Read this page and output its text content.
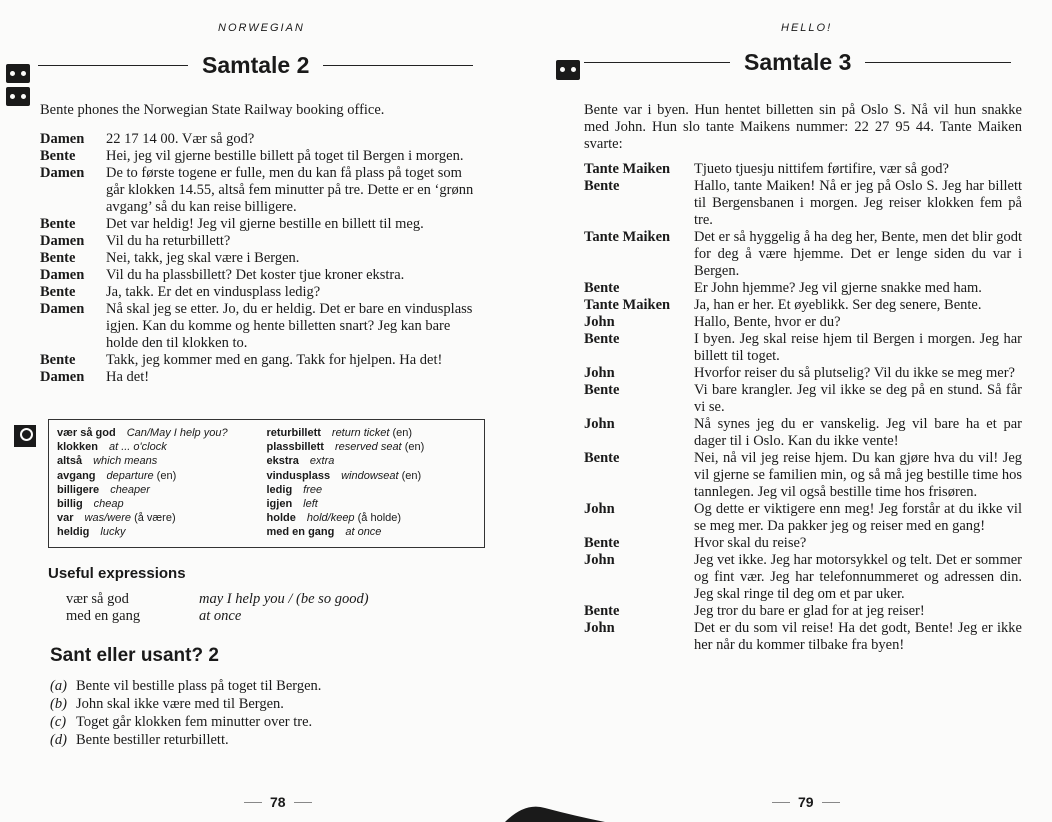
NORWEGIAN
Samtale 2
Bente phones the Norwegian State Railway booking office.
Damen	22 17 14 00. Vær så god?
Bente	Hei, jeg vil gjerne bestille billett på toget til Bergen i morgen.
Damen	De to første togene er fulle, men du kan få plass på toget som går klokken 14.55, altså fem minutter på tre. Dette er en ‘grønn avgang’ så du kan reise billigere.
Bente	Det var heldig! Jeg vil gjerne bestille en billett til meg.
Damen	Vil du ha returbillett?
Bente	Nei, takk, jeg skal være i Bergen.
Damen	Vil du ha plassbillett? Det koster tjue kroner ekstra.
Bente	Ja, takk. Er det en vindusplass ledig?
Damen	Nå skal jeg se etter. Jo, du er heldig. Det er bare en vindusplass igjen. Kan du komme og hente billetten snart? Jeg kan bare holde den til klokken to.
Bente	Takk, jeg kommer med en gang. Takk for hjelpen. Ha det!
Damen	Ha det!
vær så god  Can/May I help you?
klokken  at ... o'clock
altså  which means
avgang  departure (en)
billigere  cheaper
billig  cheap
var  was/were (å være)
heldig  lucky
returbillett  return ticket (en)
plassbillett  reserved seat (en)
ekstra  extra
vindusplass  windowseat (en)
ledig  free
igjen  left
holde  hold/keep (å holde)
med en gang  at once
Useful expressions
vær så god	may I help you / (be so good)
med en gang	at once
Sant eller usant? 2
(a) Bente vil bestille plass på toget til Bergen.
(b) John skal ikke være med til Bergen.
(c) Toget går klokken fem minutter over tre.
(d) Bente bestiller returbillett.
78
HELLO!
Samtale 3
Bente var i byen. Hun hentet billetten sin på Oslo S. Nå vil hun snakke med John. Hun slo tante Maikens nummer: 22 27 95 44. Tante Maiken svarte:
Tante Maiken	Tjueto tjuesju nittifem førtifire, vær så god?
Bente	Hallo, tante Maiken! Nå er jeg på Oslo S. Jeg har billett til Bergensbanen i morgen. Jeg reiser klokken fem på tre.
Tante Maiken	Det er så hyggelig å ha deg her, Bente, men det blir godt for deg å være hjemme. Det er lenge siden du var i Bergen.
Bente	Er John hjemme? Jeg vil gjerne snakke med ham.
Tante Maiken	Ja, han er her. Et øyeblikk. Ser deg senere, Bente.
John	Hallo, Bente, hvor er du?
Bente	I byen. Jeg skal reise hjem til Bergen i morgen. Jeg har billett til toget.
John	Hvorfor reiser du så plutselig? Vil du ikke se meg mer?
Bente	Vi bare krangler. Jeg vil ikke se deg på en stund. Så får vi se.
John	Nå synes jeg du er vanskelig. Jeg vil bare ha et par dager til i Oslo. Kan du ikke vente!
Bente	Nei, nå vil jeg reise hjem. Du kan gjøre hva du vil! Jeg vil gjerne se familien min, og så må jeg bestille time hos tannlegen. Jeg vil også bestille time hos frisøren.
John	Og dette er viktigere enn meg! Jeg forstår at du ikke vil se meg mer. Da pakker jeg og reiser med en gang!
Bente	Hvor skal du reise?
John	Jeg vet ikke. Jeg har motorsykkel og telt. Det er sommer og fint vær. Jeg har telefonnummeret og adressen din. Jeg skal ringe til deg om et par uker.
Bente	Jeg tror du bare er glad for at jeg reiser!
John	Det er du som vil reise! Ha det godt, Bente! Jeg er ikke her når du kommer tilbake fra byen!
79
